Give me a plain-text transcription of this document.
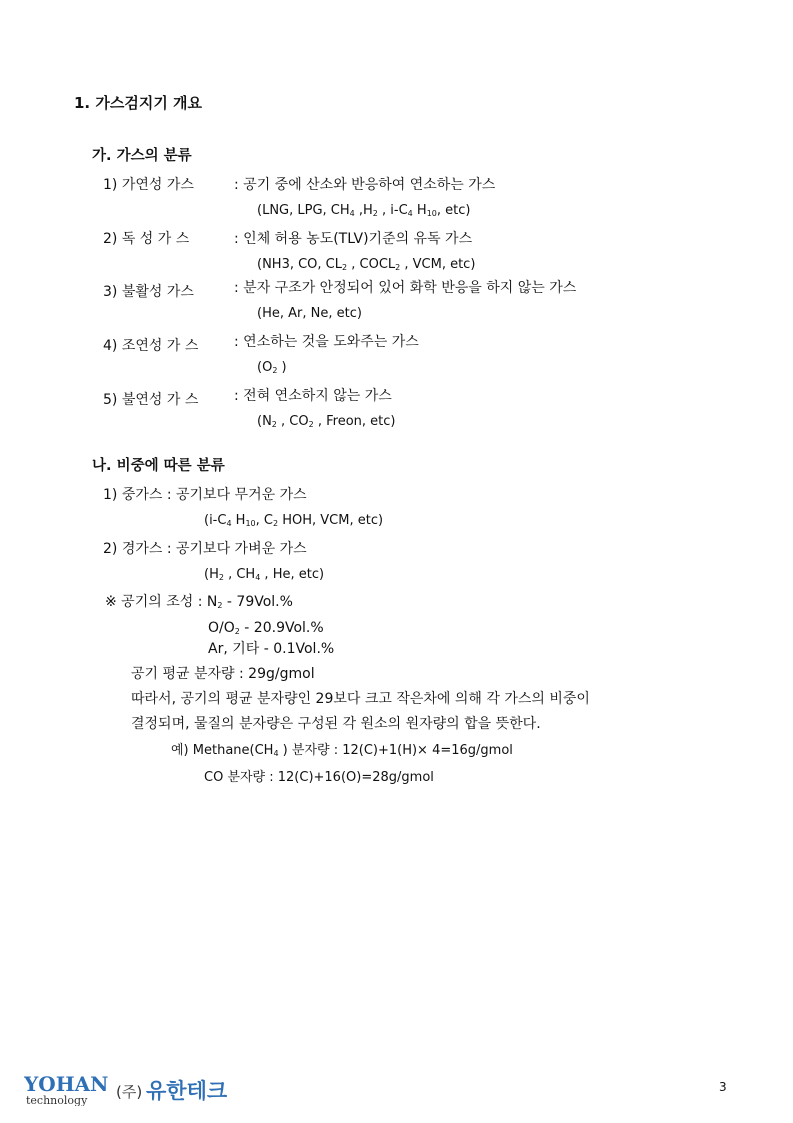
1. 가스검지기 개요
가. 가스의 분류
1) 가연성 가스	: 공기 중에 산소와 반응하여 연소하는 가스
(LNG, LPG, $CH_4$ $,H_2$ , $i-C_4$ $H_{10}$, etc)
2) 독 성 가 스	: 인체 허용 농도(TLV)기준의 유독 가스
(NH3, CO, $CL_2$ , $COCL_2$ , VCM, etc)
3) 불활성 가스	: 분자 구조가 안정되어 있어 화학 반응을 하지 않는 가스
(He, Ar, Ne, etc)
4) 조연성 가 스	: 연소하는 것을 도와주는 가스
($O_2$ )
5) 불연성 가 스	: 전혀 연소하지 않는 가스
($N_2$ , $CO_2$ , Freon, etc)
나. 비중에 따른 분류
1) 중가스 : 공기보다 무거운 가스
($i-C_4$ $H_{10}$, $C_2$ HOH, VCM, etc)
2) 경가스 : 공기보다 가벼운 가스
($H_2$ , $CH_4$ , He, etc)
※ 공기의 조성 : $N_2 - 79Vol.\%$
$O/O_2 - 20.9Vol.\%$
Ar, 기타 - 0.1Vol.%
공기 평균 분자량 : 29g/gmol
따라서, 공기의 평균 분자량인 29보다 크고 작은차에 의해 각 가스의 비중이
결정되며, 물질의 분자량은 구성된 각 원소의 원자량의 합을 뜻한다.
예) $Methane(CH_4$ ) 분자량 : 12(C)+1(H)× 4=16g/gmol
CO 분자량 : 12(C)+16(O)=28g/gmol
YOHAN
technology (주) 유한테크	3
